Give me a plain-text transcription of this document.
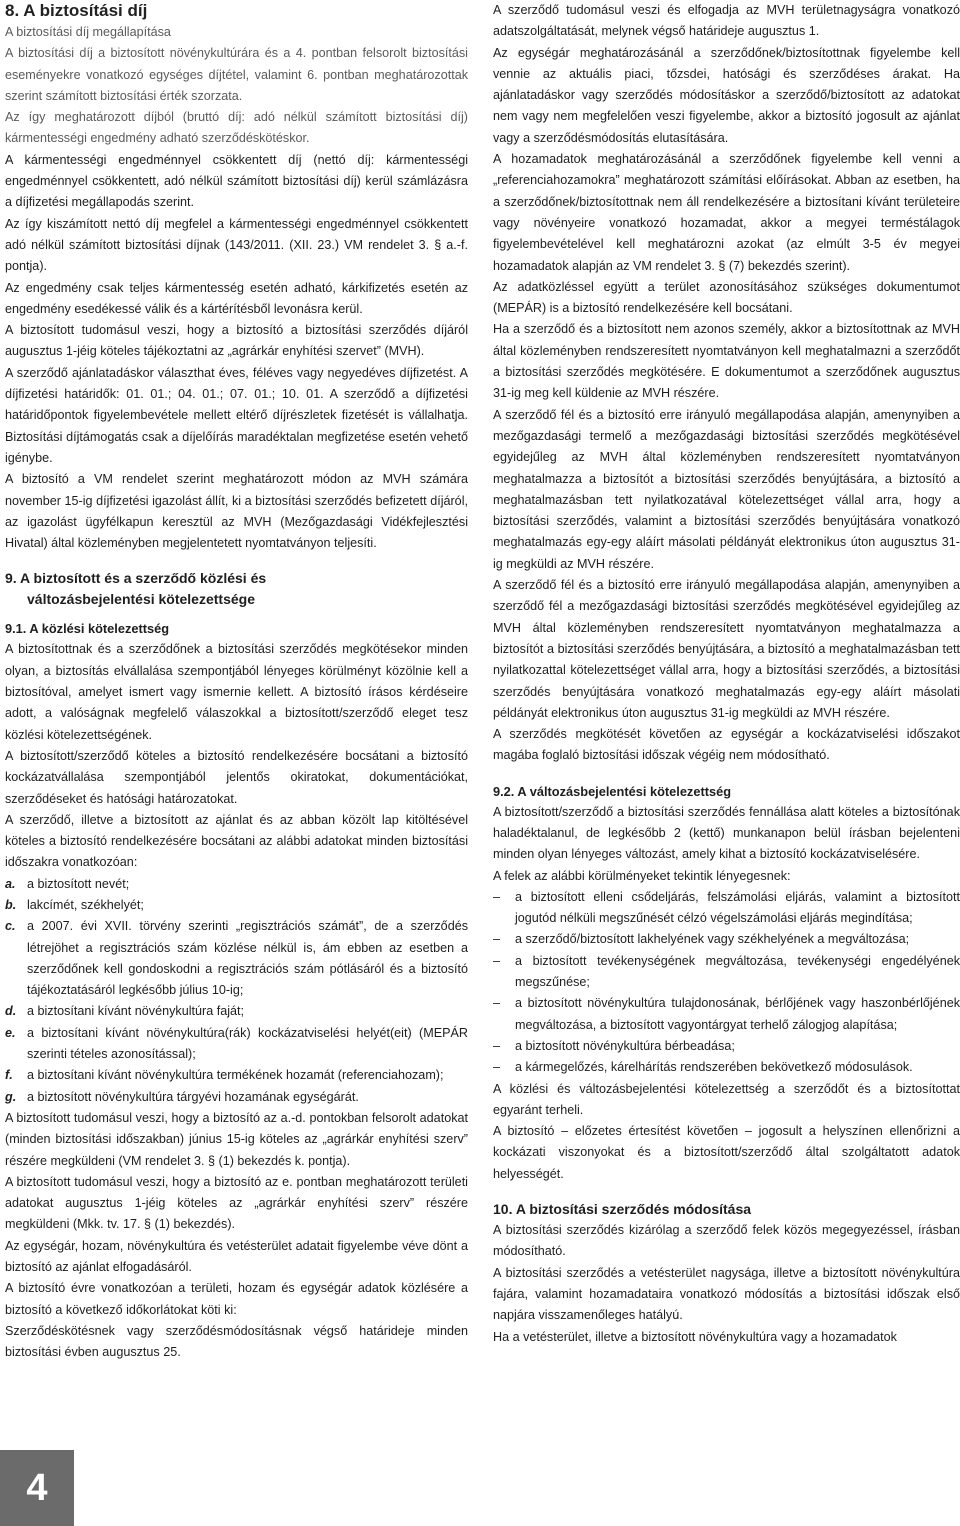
8. A biztosítási díj

A biztosítási díj megállapítása

A biztosítási díj a biztosított növénykultúrára és a 4. pontban felsorolt biztosítási eseményekre vonatkozó egységes díjtétel, valamint 6. pontban meghatározottak szerint számított biztosítási érték szorzata.

Az így meghatározott díjból (bruttó díj: adó nélkül számított biztosítási díj) kármentességi engedmény adható szerződéskötéskor.

A kármentességi engedménnyel csökkentett díj (nettó díj: kármentességi engedménnyel csökkentett, adó nélkül számított biztosítási díj) kerül számlázásra a díjfizetési megállapodás szerint.

Az így kiszámított nettó díj megfelel a kármentességi engedménnyel csökkentett adó nélkül számított biztosítási díjnak (143/2011. (XII. 23.) VM rendelet 3. § a.-f. pontja).

Az engedmény csak teljes kármentesség esetén adható, kárkifizetés esetén az engedmény esedékessé válik és a kártérítésből levonásra kerül.

A biztosított tudomásul veszi, hogy a biztosító a biztosítási szerződés díjáról augusztus 1-jéig köteles tájékoztatni az „agrárkár enyhítési szervet” (MVH).

A szerződő ajánlatadáskor választhat éves, féléves vagy negyedéves díjfizetést. A díjfizetési határidők: 01. 01.; 04. 01.; 07. 01.; 10. 01. A szerződő a díjfizetési határidőpontok figyelembevétele mellett eltérő díjrészletek fizetését is vállalhatja. Biztosítási díjtámogatás csak a díjelőírás maradéktalan megfizetése esetén vehető igénybe.

A biztosító a VM rendelet szerint meghatározott módon az MVH számára november 15-ig díjfizetési igazolást állít, ki a biztosítási szerződés befizetett díjáról, az igazolást ügyfélkapun keresztül az MVH (Mezőgazdasági Vidékfejlesztési Hivatal) által közleményben megjelentetett nyomtatványon teljesíti.

9. A biztosított és a szerződő közlési és
változásbejelentési kötelezettsége
9.1. A közlési kötelezettség

A biztosítottnak és a szerződőnek a biztosítási szerződés megkötésekor minden olyan, a biztosítás elvállalása szempontjából lényeges körülményt közölnie kell a biztosítóval, amelyet ismert vagy ismernie kellett. A biztosító írásos kérdéseire adott, a valóságnak megfelelő válaszokkal a biztosított/szerződő eleget tesz közlési kötelezettségének.

A biztosított/szerződő köteles a biztosító rendelkezésére bocsátani a biztosító kockázatvállalása szempontjából jelentős okiratokat, dokumentációkat, szerződéseket és hatósági határozatokat.

A szerződő, illetve a biztosított az ajánlat és az abban közölt lap kitöltésével köteles a biztosító rendelkezésére bocsátani az alábbi adatokat minden biztosítási időszakra vonatkozóan:

a. a biztosított nevét;

b. lakcímét, székhelyét;

c. a 2007. évi XVII. törvény szerinti „regisztrációs számát”, de a szerződés létrejöhet a regisztrációs szám közlése nélkül is, ám ebben az esetben a szerződőnek kell gondoskodni a regisztrációs szám pótlásáról és a biztosító tájékoztatásáról legkésőbb július 10-ig;

d. a biztosítani kívánt növénykultúra faját;

e. a biztosítani kívánt növénykultúra(rák) kockázatviselési helyét(eit) (MEPÁR szerinti tételes azonosítással);

f. a biztosítani kívánt növénykultúra termékének hozamát (referenciahozam);

g. a biztosított növénykultúra tárgyévi hozamának egységárát.

A biztosított tudomásul veszi, hogy a biztosító az a.-d. pontokban felsorolt adatokat (minden biztosítási időszakban) június 15-ig köteles az „agrárkár enyhítési szerv” részére megküldeni (VM rendelet 3. § (1) bekezdés k. pontja).

A biztosított tudomásul veszi, hogy a biztosító az e. pontban meghatározott területi adatokat augusztus 1-jéig köteles az „agrárkár enyhítési szerv” részére megküldeni (Mkk. tv. 17. § (1) bekezdés).

Az egységár, hozam, növénykultúra és vetésterület adatait figyelembe véve dönt a biztosító az ajánlat elfogadásáról.

A biztosító évre vonatkozóan a területi, hozam és egységár adatok közlésére a biztosító a következő időkorlátokat köti ki:

Szerződéskötésnek vagy szerződésmódosításnak végső határideje minden biztosítási évben augusztus 25.

A szerződő tudomásul veszi és elfogadja az MVH területnagyságra vonatkozó adatszolgáltatását, melynek végső határideje augusztus 1.

Az egységár meghatározásánál a szerződőnek/biztosítottnak figyelembe kell vennie az aktuális piaci, tőzsdei, hatósági és szerződéses árakat. Ha ajánlatadáskor vagy szerződés módosításkor a szerződő/biztosított az adatokat nem vagy nem megfelelően veszi figyelembe, akkor a biztosító jogosult az ajánlat vagy a szerződésmódosítás elutasítására.

A hozamadatok meghatározásánál a szerződőnek figyelembe kell venni a „referenciahozamokra” meghatározott számítási előírásokat. Abban az esetben, ha a szerződőnek/biztosítottnak nem áll rendelkezésére a biztosítani kívánt területeire vagy növényeire vonatkozó hozamadat, akkor a megyei terméstálagok figyelembevételével kell meghatározni azokat (az elmúlt 3-5 év megyei hozamadatok alapján az VM rendelet 3. § (7) bekezdés szerint).

Az adatközléssel együtt a terület azonosításához szükséges dokumentumot (MEPÁR) is a biztosító rendelkezésére kell bocsátani.

Ha a szerződő és a biztosított nem azonos személy, akkor a biztosítottnak az MVH által közleményben rendszeresített nyomtatványon kell meghatalmazni a szerződőt a biztosítási szerződés megkötésére. E dokumentumot a szerződőnek augusztus 31-ig meg kell küldenie az MVH részére.

A szerződő fél és a biztosító erre irányuló megállapodása alapján, amenynyiben a mezőgazdasági termelő a mezőgazdasági biztosítási szerződés megkötésével egyidejűleg az MVH által közleményben rendszeresített nyomtatványon meghatalmazza a biztosítót a biztosítási szerződés benyújtására, a biztosító a meghatalmazásban tett nyilatkozatával kötelezettséget vállal arra, hogy a biztosítási szerződés, valamint a biztosítási szerződés benyújtására vonatkozó meghatalmazás egy-egy aláírt másolati példányát elektronikus úton augusztus 31-ig megküldi az MVH részére.

A szerződő fél és a biztosító erre irányuló megállapodása alapján, amenynyiben a szerződő fél a mezőgazdasági biztosítási szerződés megkötésével egyidejűleg az MVH által közleményben rendszeresített nyomtatványon meghatalmazza a biztosítót a biztosítási szerződés benyújtására, a biztosító a meghatalmazásban tett nyilatkozattal kötelezettséget vállal arra, hogy a biztosítási szerződés, a biztosítási szerződés benyújtására vonatkozó meghatalmazás egy-egy aláírt másolati példányát elektronikus úton augusztus 31-ig megküldi az MVH részére.

A szerződés megkötését követően az egységár a kockázatviselési időszakot magába foglaló biztosítási időszak végéig nem módosítható.

9.2. A változásbejelentési kötelezettség

A biztosított/szerződő a biztosítási szerződés fennállása alatt köteles a biztosítónak haladéktalanul, de legkésőbb 2 (kettő) munkanapon belül írásban bejelenteni minden olyan lényeges változást, amely kihat a biztosító kockázatviselésére.

A felek az alábbi körülményeket tekintik lényegesnek:

– a biztosított elleni csődeljárás, felszámolási eljárás, valamint a biztosított jogutód nélküli megszűnését célzó végelszámolási eljárás megindítása;

– a szerződő/biztosított lakhelyének vagy székhelyének a megváltozása;

– a biztosított tevékenységének megváltozása, tevékenységi engedélyének megszűnése;

– a biztosított növénykultúra tulajdonosának, bérlőjének vagy haszonbérlőjének megváltozása, a biztosított vagyontárgyat terhelő zálogjog alapítása;

– a biztosított növénykultúra bérbeadása;

– a kármegelőzés, kárelhárítás rendszerében bekövetkező módosulások.

A közlési és változásbejelentési kötelezettség a szerződőt és a biztosítottat egyaránt terheli.

A biztosító – előzetes értesítést követően – jogosult a helyszínen ellenőrizni a kockázati viszonyokat és a biztosított/szerződő által szolgáltatott adatok helyességét.

10. A biztosítási szerződés módosítása

A biztosítási szerződés kizárólag a szerződő felek közös megegyezéssel, írásban módosítható.

A biztosítási szerződés a vetésterület nagysága, illetve a biztosított növénykultúra fajára, valamint hozamadataira vonatkozó módosítás a biztosítási időszak első napjára visszamenőleges hatályú.

Ha a vetésterület, illetve a biztosított növénykultúra vagy a hozamadatok

4
